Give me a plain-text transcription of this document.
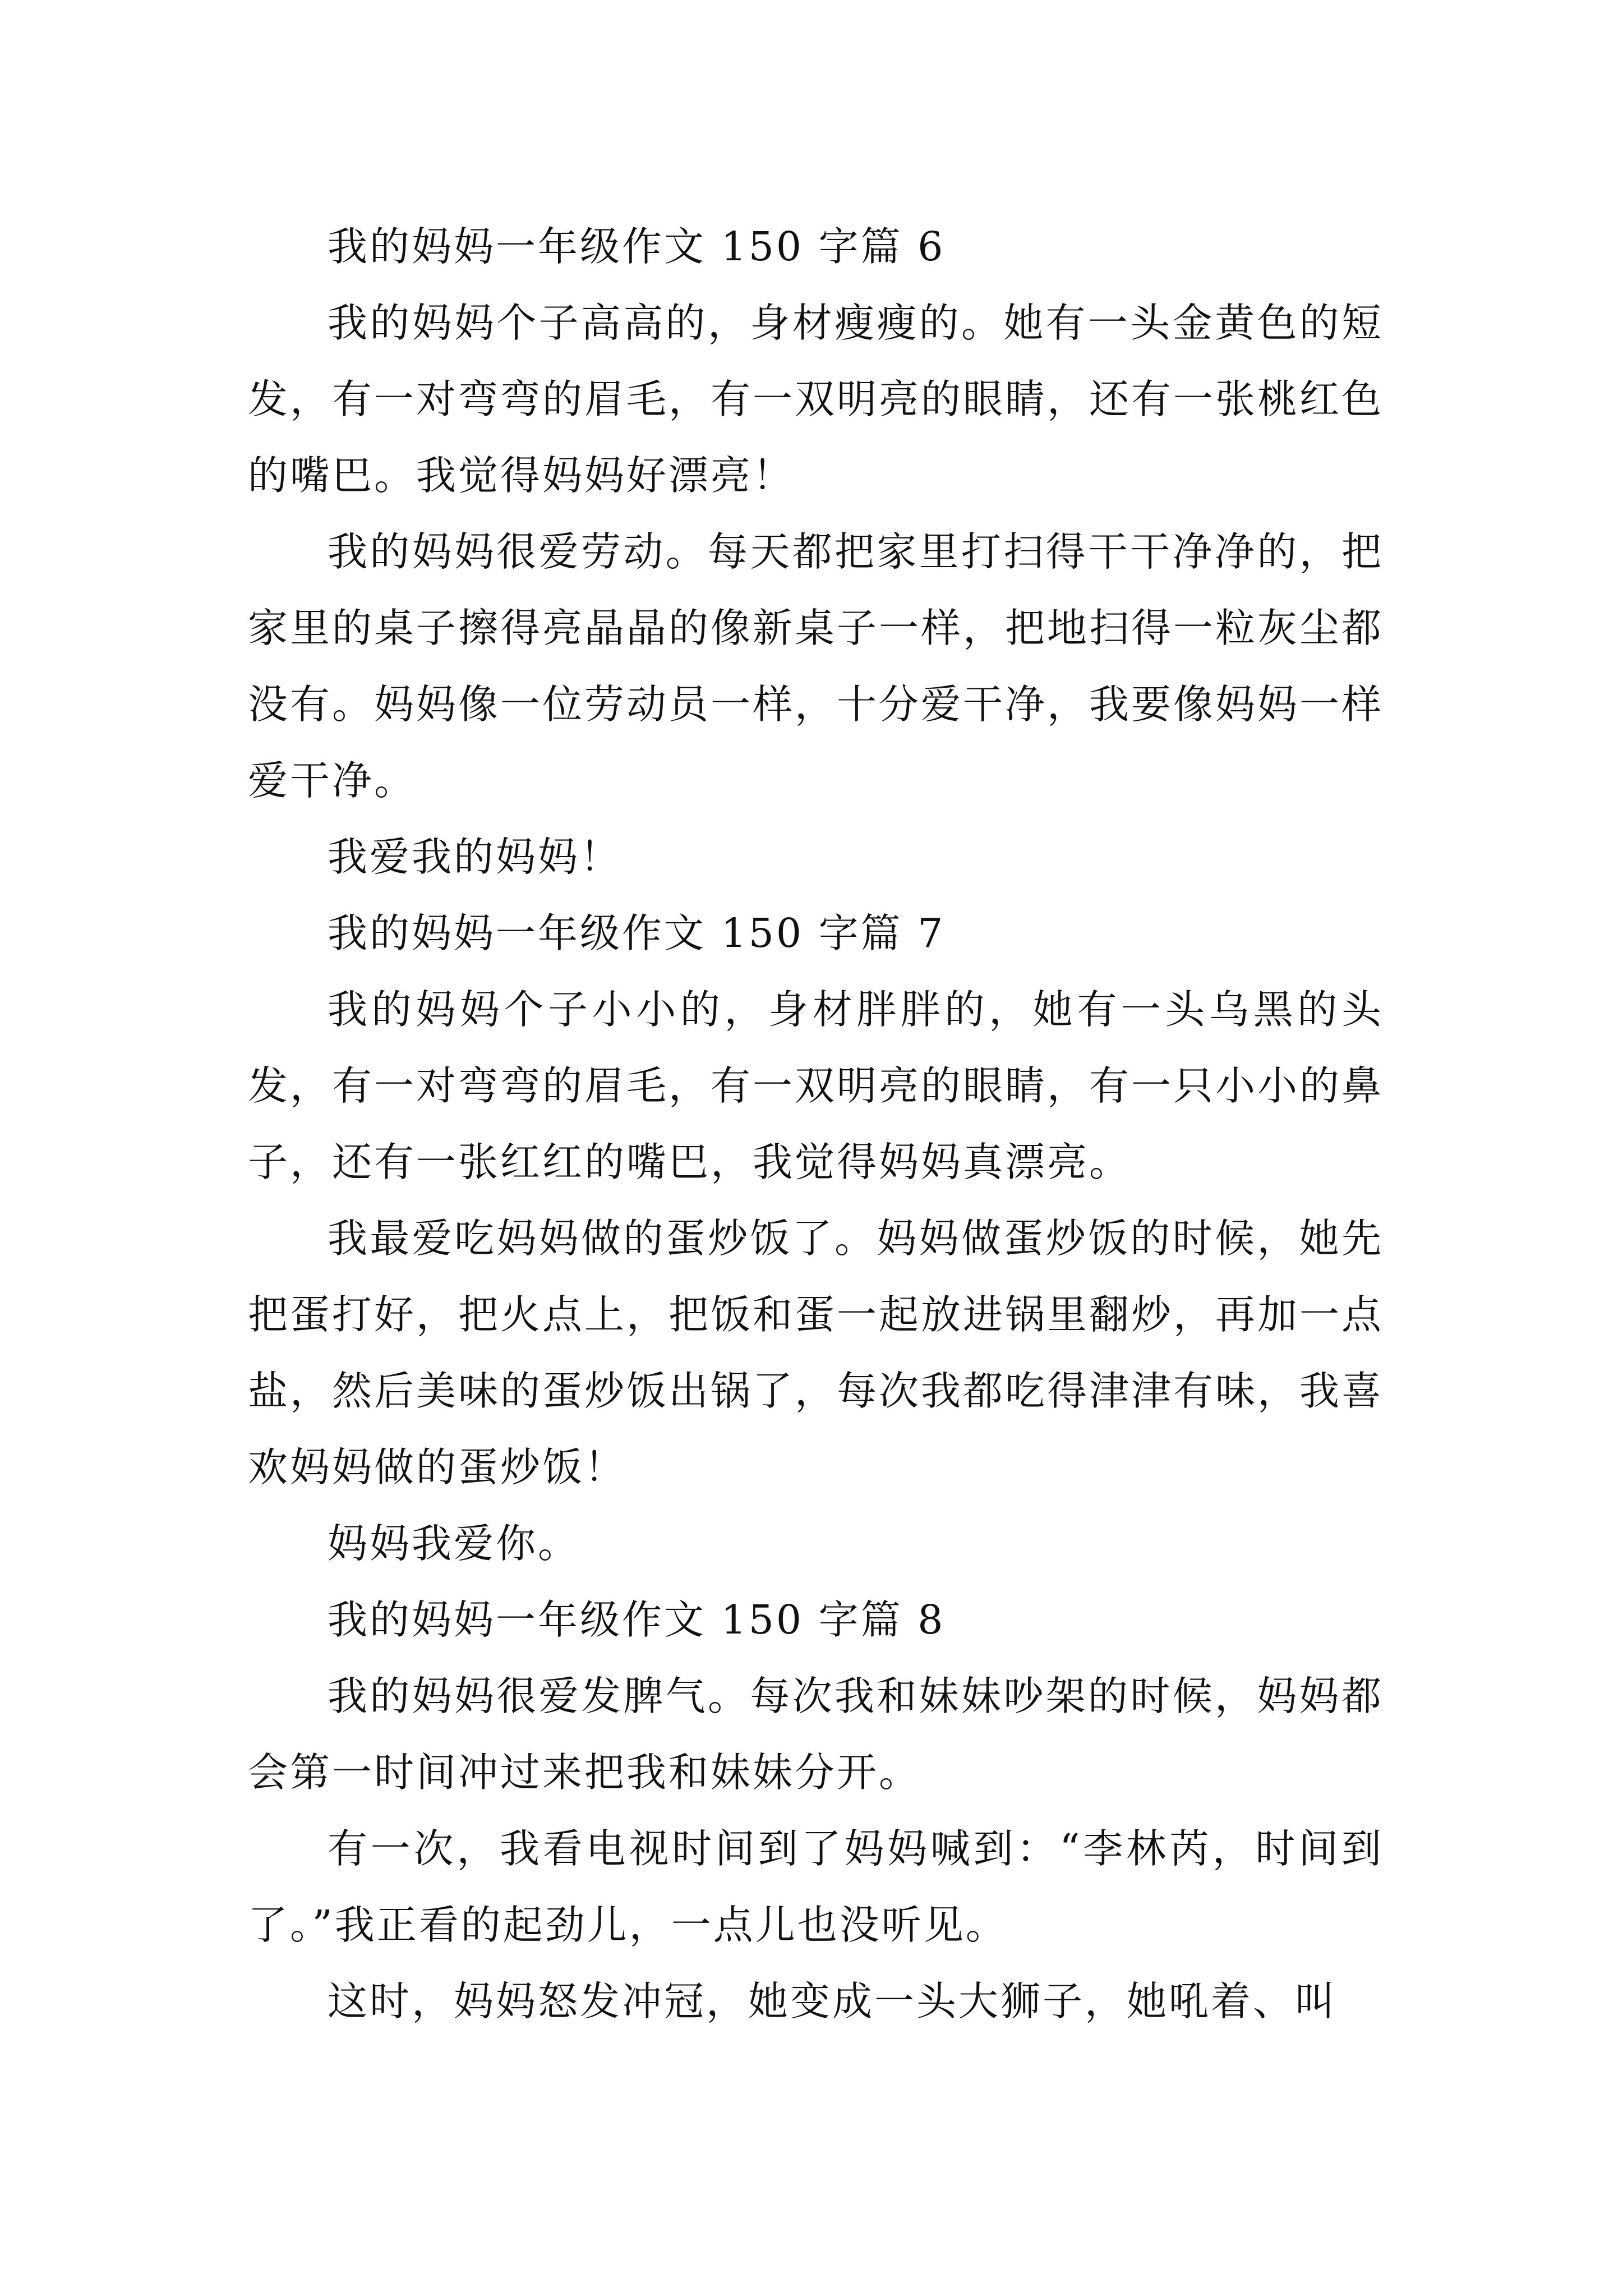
我的妈妈一年级作文 150 字篇 6

我的妈妈个子高高的，身材瘦瘦的。她有一头金黄色的短发，有一对弯弯的眉毛，有一双明亮的眼睛，还有一张桃红色的嘴巴。我觉得妈妈好漂亮！

我的妈妈很爱劳动。每天都把家里打扫得干干净净的，把家里的桌子擦得亮晶晶的像新桌子一样，把地扫得一粒灰尘都没有。妈妈像一位劳动员一样，十分爱干净，我要像妈妈一样爱干净。

我爱我的妈妈！

我的妈妈一年级作文 150 字篇 7

我的妈妈个子小小的，身材胖胖的，她有一头乌黑的头发，有一对弯弯的眉毛，有一双明亮的眼睛，有一只小小的鼻子，还有一张红红的嘴巴，我觉得妈妈真漂亮。

我最爱吃妈妈做的蛋炒饭了。妈妈做蛋炒饭的时候，她先把蛋打好，把火点上，把饭和蛋一起放进锅里翻炒，再加一点盐，然后美味的蛋炒饭出锅了，每次我都吃得津津有味，我喜欢妈妈做的蛋炒饭！

妈妈我爱你。

我的妈妈一年级作文 150 字篇 8

我的妈妈很爱发脾气。每次我和妹妹吵架的时候，妈妈都会第一时间冲过来把我和妹妹分开。

有一次，我看电视时间到了妈妈喊到：“李林芮，时间到了。”我正看的起劲儿，一点儿也没听见。

这时，妈妈怒发冲冠，她变成一头大狮子，她吼着、叫
